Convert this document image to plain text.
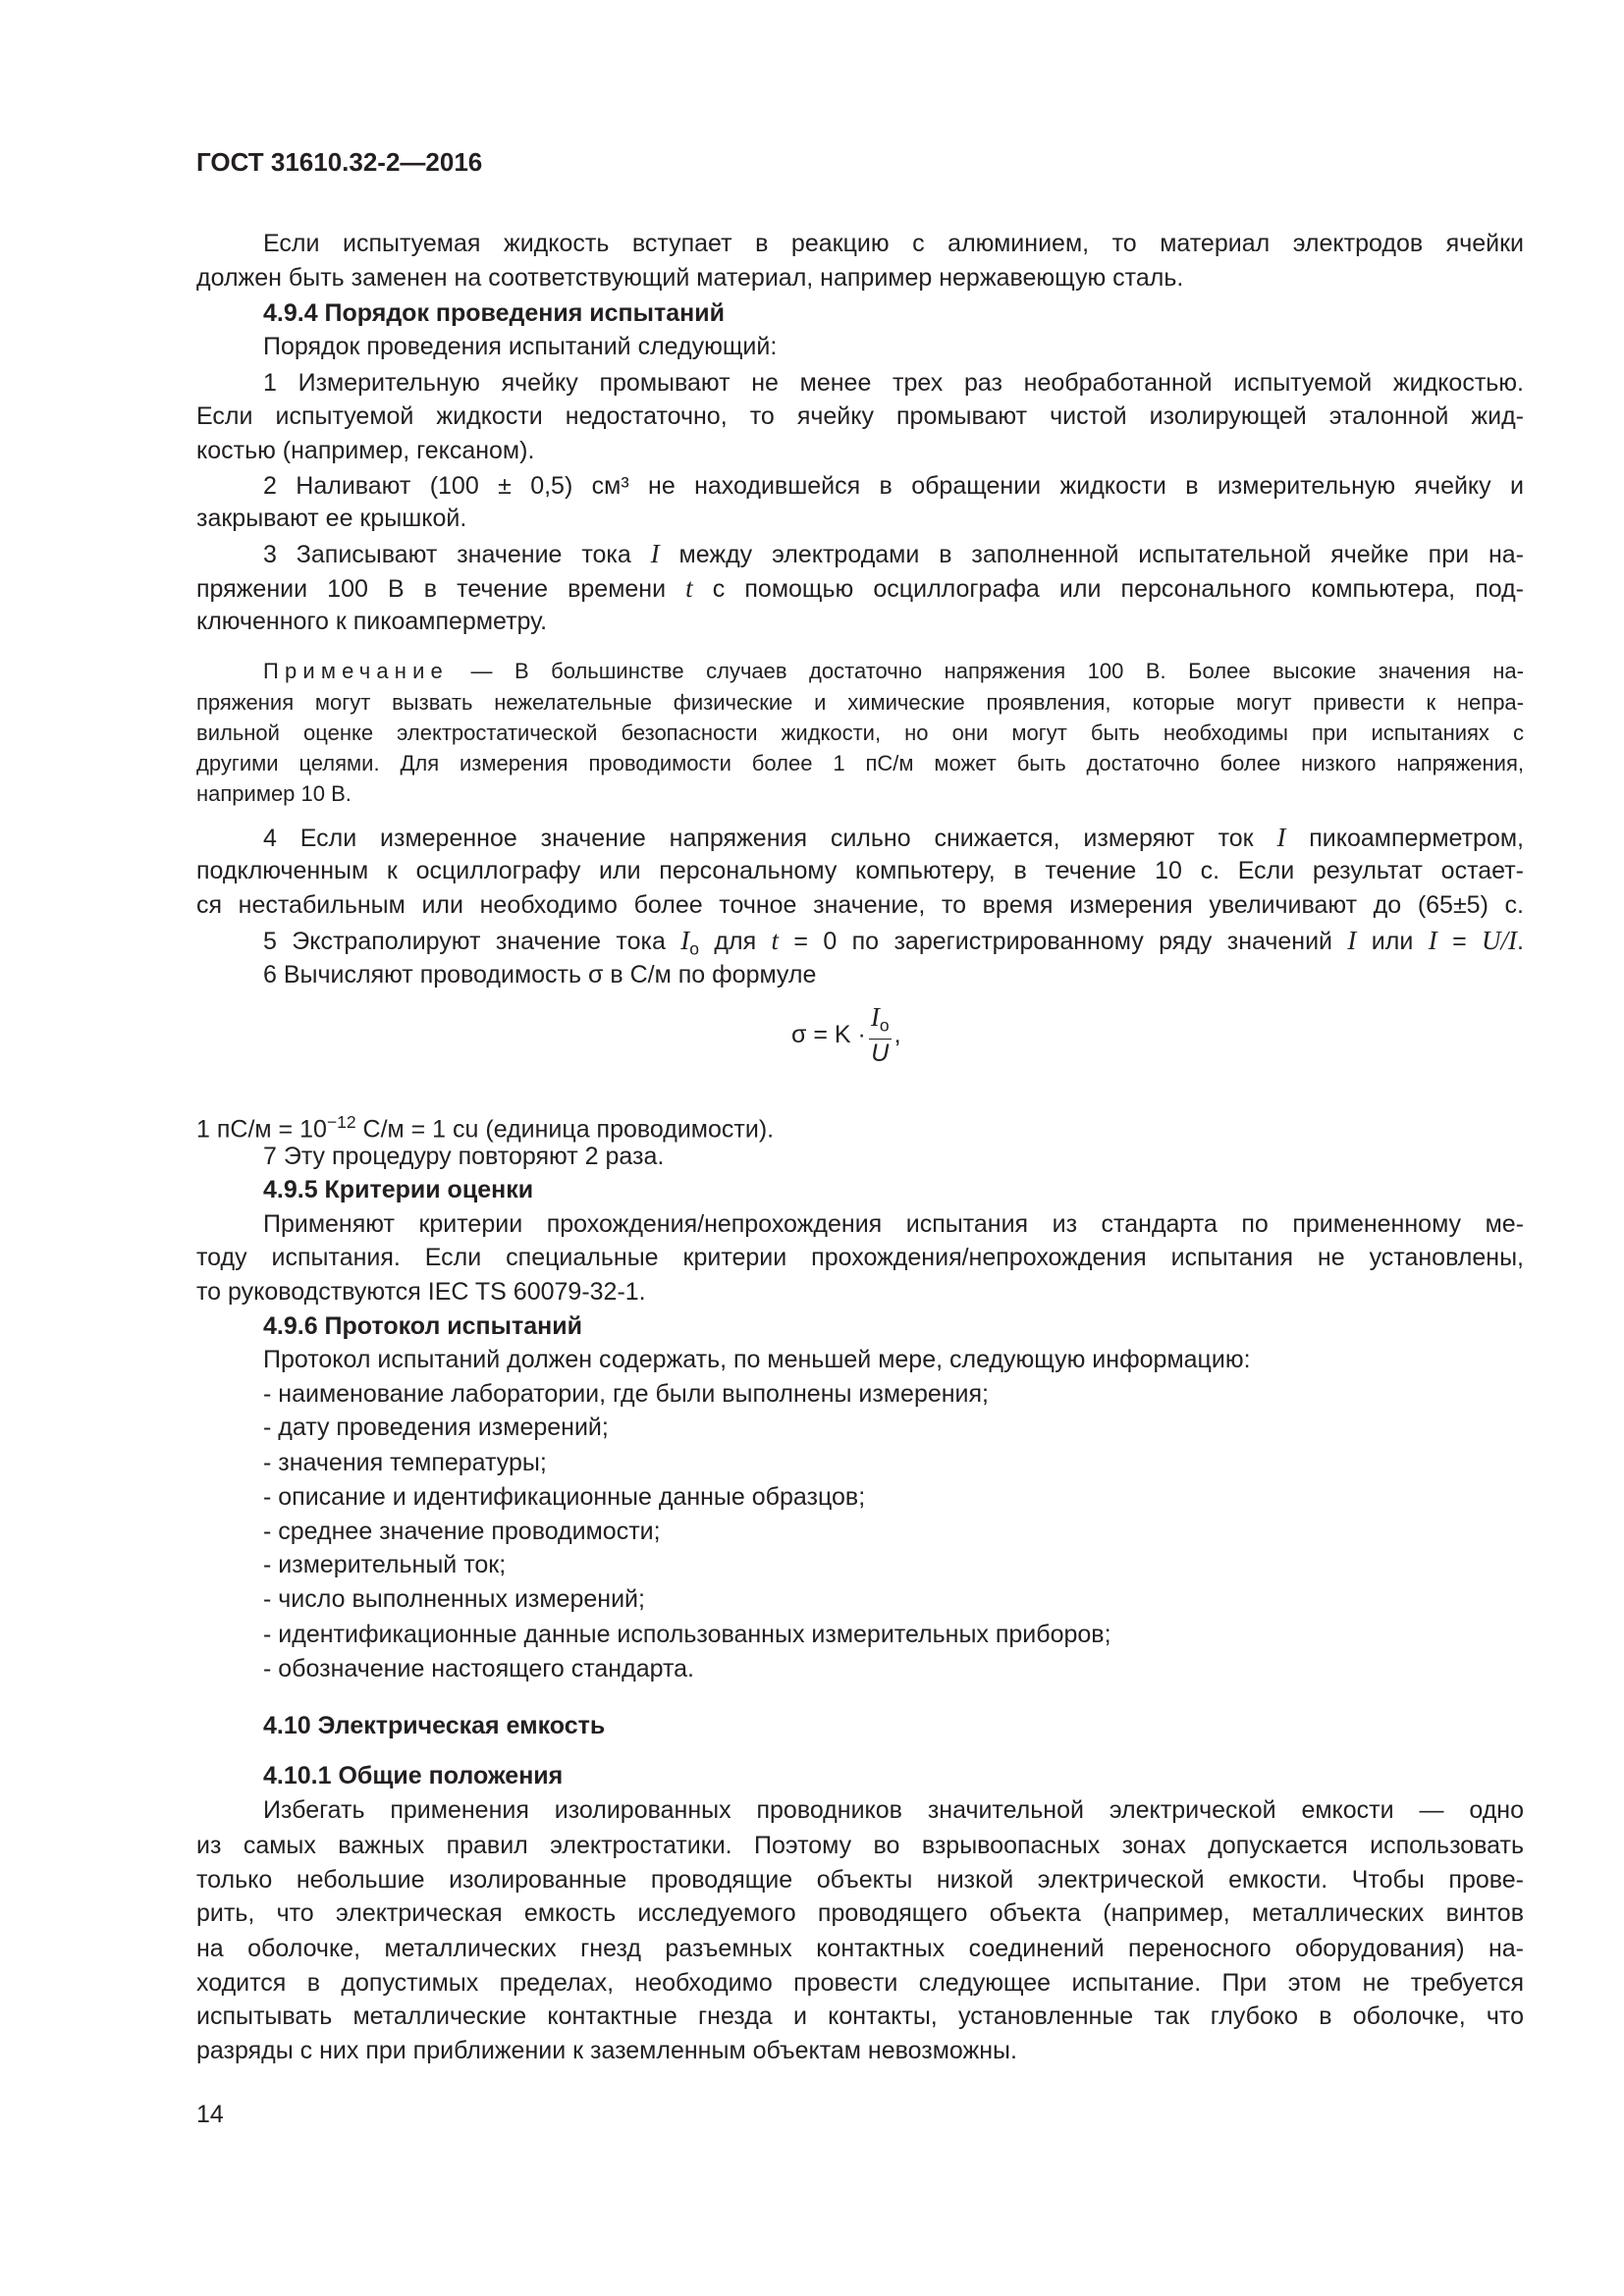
ГОСТ 31610.32-2—2016
Если испытуемая жидкость вступает в реакцию с алюминием, то материал электродов ячейки
должен быть заменен на соответствующий материал, например нержавеющую сталь.
4.9.4 Порядок проведения испытаний
Порядок проведения испытаний следующий:
1 Измерительную ячейку промывают не менее трех раз необработанной испытуемой жидкостью.
Если испытуемой жидкости недостаточно, то ячейку промывают чистой изолирующей эталонной жид-
костью (например, гексаном).
2 Наливают (100 ± 0,5) см³ не находившейся в обращении жидкости в измерительную ячейку и
закрывают ее крышкой.
3 Записывают значение тока I между электродами в заполненной испытательной ячейке при на-
пряжении 100 В в течение времени t с помощью осциллографа или персонального компьютера, под-
ключенного к пикоамперметру.
Примечание — В большинстве случаев достаточно напряжения 100 В. Более высокие значения на-
пряжения могут вызвать нежелательные физические и химические проявления, которые могут привести к непра-
вильной оценке электростатической безопасности жидкости, но они могут быть необходимы при испытаниях с
другими целями. Для измерения проводимости более 1 пС/м может быть достаточно более низкого напряжения,
например 10 В.
4 Если измеренное значение напряжения сильно снижается, измеряют ток I пикоамперметром,
подключенным к осциллографу или персональному компьютеру, в течение 10 с. Если результат остает-
ся нестабильным или необходимо более точное значение, то время измерения увеличивают до (65±5) с.
5 Экстраполируют значение тока $I_о$ для t = 0 по зарегистрированному ряду значений I или I = U/I.
6 Вычисляют проводимость σ в С/м по формуле
1 $пС/м = 10^{-12}$ С/м = 1 cu (единица проводимости).
7 Эту процедуру повторяют 2 раза.
4.9.5 Критерии оценки
Применяют критерии прохождения/непрохождения испытания из стандарта по примененному ме-
тоду испытания. Если специальные критерии прохождения/непрохождения испытания не установлены,
то руководствуются IEC TS 60079-32-1.
4.9.6 Протокол испытаний
Протокол испытаний должен содержать, по меньшей мере, следующую информацию:
- наименование лаборатории, где были выполнены измерения;
- дату проведения измерений;
- значения температуры;
- описание и идентификационные данные образцов;
- среднее значение проводимости;
- измерительный ток;
- число выполненных измерений;
- идентификационные данные использованных измерительных приборов;
- обозначение настоящего стандарта.
4.10 Электрическая емкость
4.10.1 Общие положения
Избегать применения изолированных проводников значительной электрической емкости — одно
из самых важных правил электростатики. Поэтому во взрывоопасных зонах допускается использовать
только небольшие изолированные проводящие объекты низкой электрической емкости. Чтобы прове-
рить, что электрическая емкость исследуемого проводящего объекта (например, металлических винтов
на оболочке, металлических гнезд разъемных контактных соединений переносного оборудования) на-
ходится в допустимых пределах, необходимо провести следующее испытание. При этом не требуется
испытывать металлические контактные гнезда и контакты, установленные так глубоко в оболочке, что
разряды с них при приближении к заземленным объектам невозможны.
$\sigma = K \cdot \frac{I_о}{U}$ ,
14
